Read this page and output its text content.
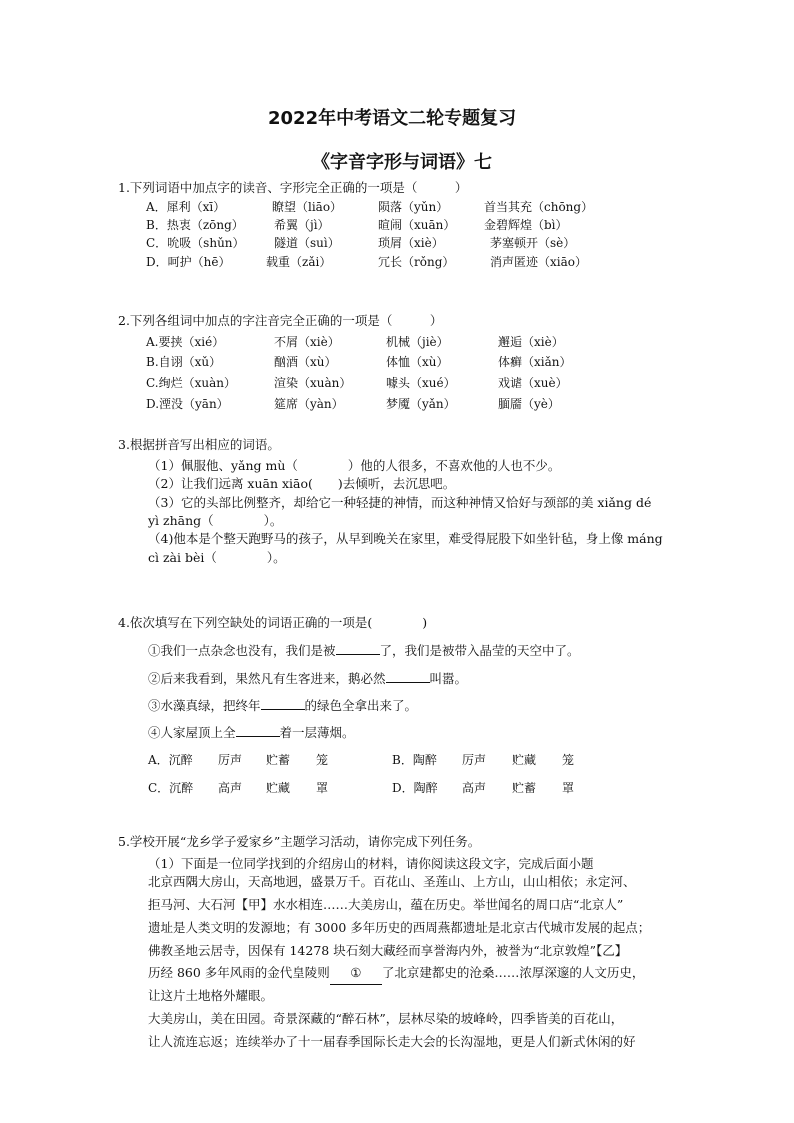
2022年中考语文二轮专题复习
《字音字形与词语》七
1.下列词语中加点字的读音、字形完全正确的一项是（　　　）
A．犀利（xī）	瞭望（liāo）	陨落（yǔn）	首当其充（chōng）
B．热衷（zōng）	希翼（jì）	暄闹（xuān） 金碧辉煌（bì）
C．吮吸（shǔn） 隧道（suì）	琐屑（xiè）	茅塞顿开（sè）
D．呵护（hē）	载重（zǎi）	冗长（rǒng）	消声匿迹（xiāo）
2.下列各组词中加点的字注音完全正确的一项是（　　　）
A.要挟（xié）	不屑（xiè）	机械（jiè）	邂逅（xiè）
B.自诩（xǔ）	酗酒（xù）	体恤（xù）	体癣（xiǎn）
C.绚烂（xuàn）	渲染（xuàn）	噱头（xué）	戏谑（xuè）
D.湮没（yān）	筵席（yàn）	梦魇（yǎn）	腼靥（yè）
3.根据拼音写出相应的词语。
（1）佩服他、yǎng mù（　　　　）他的人很多，不喜欢他的人也不少。
（2）让我们远离 xuān xiāo(　　)去倾听，去沉思吧。
（3）它的头部比例整齐，却给它一种轻捷的神情，而这种神情又恰好与颈部的美 xiǎng dé
yì zhāng（　　　　）。
（4)他本是个整天跑野马的孩子，从早到晚关在家里，难受得屁股下如坐针毡，身上像 máng
cì zài bèi（　　　　）。
4.依次填写在下列空缺处的词语正确的一项是(　　　　)
①我们一点杂念也没有，我们是被	了，我们是被带入晶莹的天空中了。
②后来我看到，果然凡有生客进来，鹅必然	叫嚣。
③水藻真绿，把终年	的绿色全拿出来了。
④人家屋顶上全	着一层薄烟。
A．沉醉 厉声 贮蓄 笼	B．陶醉 厉声 贮藏 笼
C．沉醉 高声 贮藏 罩	D．陶醉 高声 贮蓄 罩
5.学校开展“龙乡学子爱家乡”主题学习活动，请你完成下列任务。
（1）下面是一位同学找到的介绍房山的材料，请你阅读这段文字，完成后面小题
北京西隅大房山，天高地迥，盛景万千。百花山、圣莲山、上方山，山山相依；永定河、
拒马河、大石河【甲】水水相连……大美房山，蕴在历史。举世闻名的周口店“北京人”
遗址是人类文明的发源地；有 3000 多年历史的西周燕都遗址是北京古代城市发展的起点；
佛教圣地云居寺，因保有 14278 块石刻大藏经而享誉海内外，被誉为“北京敦煌”【乙】
历经 860 多年风雨的金代皇陵则 ① 了北京建都史的沧桑……浓厚深邃的人文历史，
让这片土地格外耀眼。
大美房山，美在田园。奇景深藏的“醉石林”，层林尽染的坡峰岭，四季皆美的百花山，
让人流连忘返；连续举办了十一届春季国际长走大会的长沟湿地，更是人们新式休闲的好
